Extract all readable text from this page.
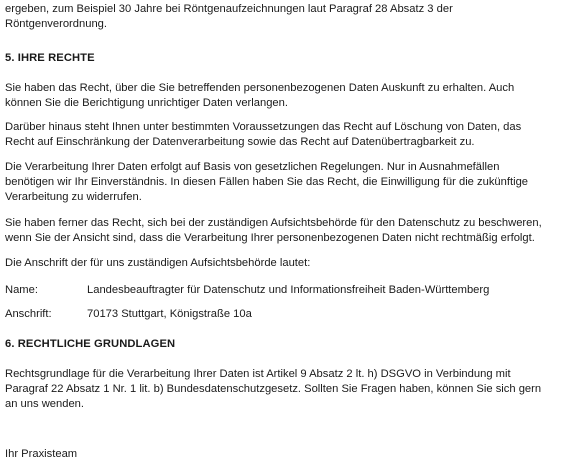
ergeben, zum Beispiel 30 Jahre bei Röntgenaufzeichnungen laut Paragraf 28 Absatz 3 der
Röntgenverordnung.

5. IHRE RECHTE

Sie haben das Recht, über die Sie betreffenden personenbezogenen Daten Auskunft zu erhalten. Auch
können Sie die Berichtigung unrichtiger Daten verlangen.

Darüber hinaus steht Ihnen unter bestimmten Voraussetzungen das Recht auf Löschung von Daten, das
Recht auf Einschränkung der Datenverarbeitung sowie das Recht auf Datenübertragbarkeit zu.

Die Verarbeitung Ihrer Daten erfolgt auf Basis von gesetzlichen Regelungen. Nur in Ausnahmefällen
benötigen wir Ihr Einverständnis. In diesen Fällen haben Sie das Recht, die Einwilligung für die zukünftige
Verarbeitung zu widerrufen.

Sie haben ferner das Recht, sich bei der zuständigen Aufsichtsbehörde für den Datenschutz zu beschweren,
wenn Sie der Ansicht sind, dass die Verarbeitung Ihrer personenbezogenen Daten nicht rechtmäßig erfolgt.

Die Anschrift der für uns zuständigen Aufsichtsbehörde lautet:

Name:	Landesbeauftragter für Datenschutz und Informationsfreiheit Baden-Württemberg
Anschrift:	70173 Stuttgart, Königstraße 10a

6. RECHTLICHE GRUNDLAGEN

Rechtsgrundlage für die Verarbeitung Ihrer Daten ist Artikel 9 Absatz 2 lt. h) DSGVO in Verbindung mit
Paragraf 22 Absatz 1 Nr. 1 lit. b) Bundesdatenschutzgesetz. Sollten Sie Fragen haben, können Sie sich gern
an uns wenden.

Ihr Praxisteam
